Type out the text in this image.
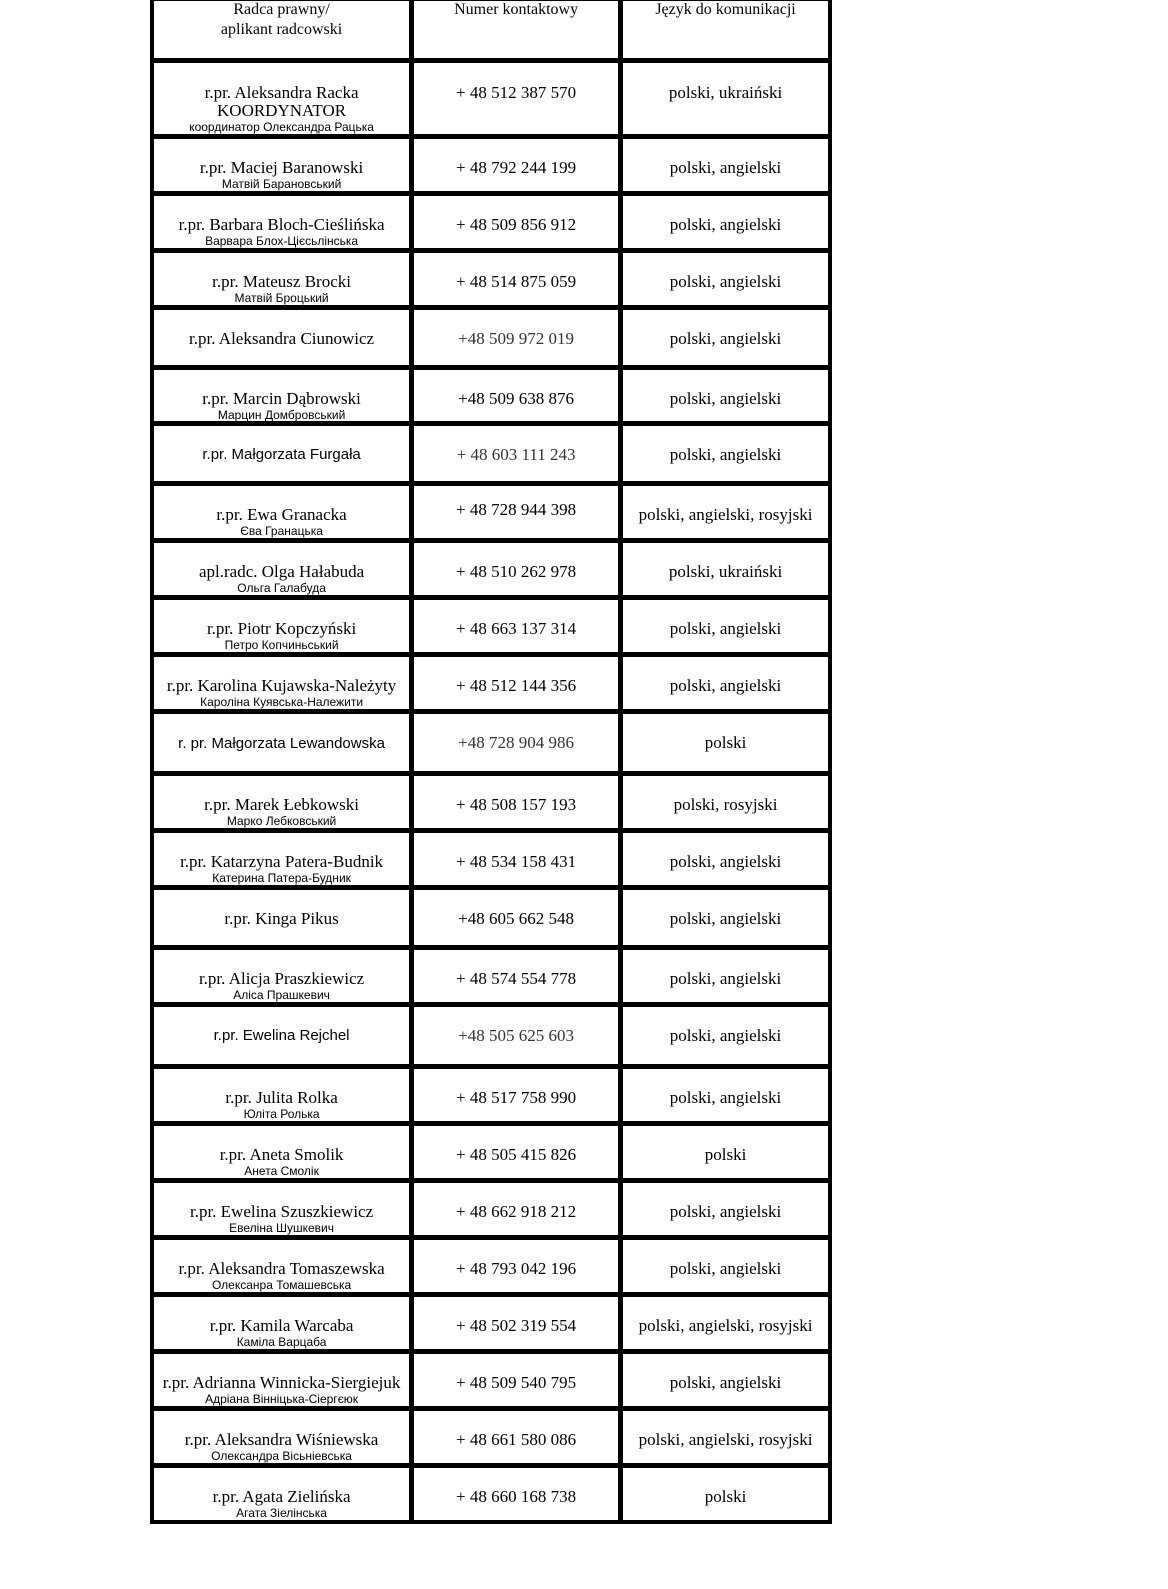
Radca prawny/
aplikant radcowski	Numer kontaktowy	Język do komunikacji

r.pr. Aleksandra Racka
KOORDYNATOR
координатор Олександра Рацька	+ 48 512 387 570	polski, ukraiński

r.pr. Maciej Baranowski
Матвій Барановський	+ 48 792 244 199	polski, angielski

r.pr. Barbara Bloch-Cieślińska
Варвара Блох-Цієсьлінська	+ 48 509 856 912	polski, angielski

r.pr. Mateusz Brocki
Матвій Броцький	+ 48 514 875 059	polski, angielski

r.pr. Aleksandra Ciunowicz	+48 509 972 019	polski, angielski

r.pr. Marcin Dąbrowski
Марцин Домбровський	+48 509 638 876	polski, angielski

r.pr. Małgorzata Furgała	+ 48 603 111 243	polski, angielski

r.pr. Ewa Granacka
Єва Гранацька	+ 48 728 944 398	polski, angielski, rosyjski

apl.radc. Olga Hałabuda
Ольга Галабуда	+ 48 510 262 978	polski, ukraiński

r.pr. Piotr Kopczyński
Петро Копчиньський	+ 48 663 137 314	polski, angielski

r.pr. Karolina Kujawska-Należyty
Кароліна Куявська-Належити	+ 48 512 144 356	polski, angielski

r. pr. Małgorzata Lewandowska	+48 728 904 986	polski

r.pr. Marek Łebkowski
Марко Лебковський	+ 48 508 157 193	polski, rosyjski

r.pr. Katarzyna Patera-Budnik
Катерина Патера-Будник	+ 48 534 158 431	polski, angielski

r.pr. Kinga Pikus	+48 605 662 548	polski, angielski

r.pr. Alicja Praszkiewicz
Аліса Прашкевич	+ 48 574 554 778	polski, angielski

r.pr. Ewelina Rejchel	+48 505 625 603	polski, angielski

r.pr. Julita Rolka
Юліта Ролька	+ 48 517 758 990	polski, angielski

r.pr. Aneta Smolik
Анета Смолік	+ 48 505 415 826	polski

r.pr. Ewelina Szuszkiewicz
Евеліна Шушкевич	+ 48 662 918 212	polski, angielski

r.pr. Aleksandra Tomaszewska
Олексанра Томашевська	+ 48 793 042 196	polski, angielski

r.pr. Kamila Warcaba
Каміла Варцаба	+ 48 502 319 554	polski, angielski, rosyjski

r.pr. Adrianna Winnicka-Siergiejuk
Адріана Вінніцька-Сіергєюк	+ 48 509 540 795	polski, angielski

r.pr. Aleksandra Wiśniewska
Олександра Вісьніевська	+ 48 661 580 086	polski, angielski, rosyjski

r.pr. Agata Zielińska
Агата Зіелінська	+ 48 660 168 738	polski
